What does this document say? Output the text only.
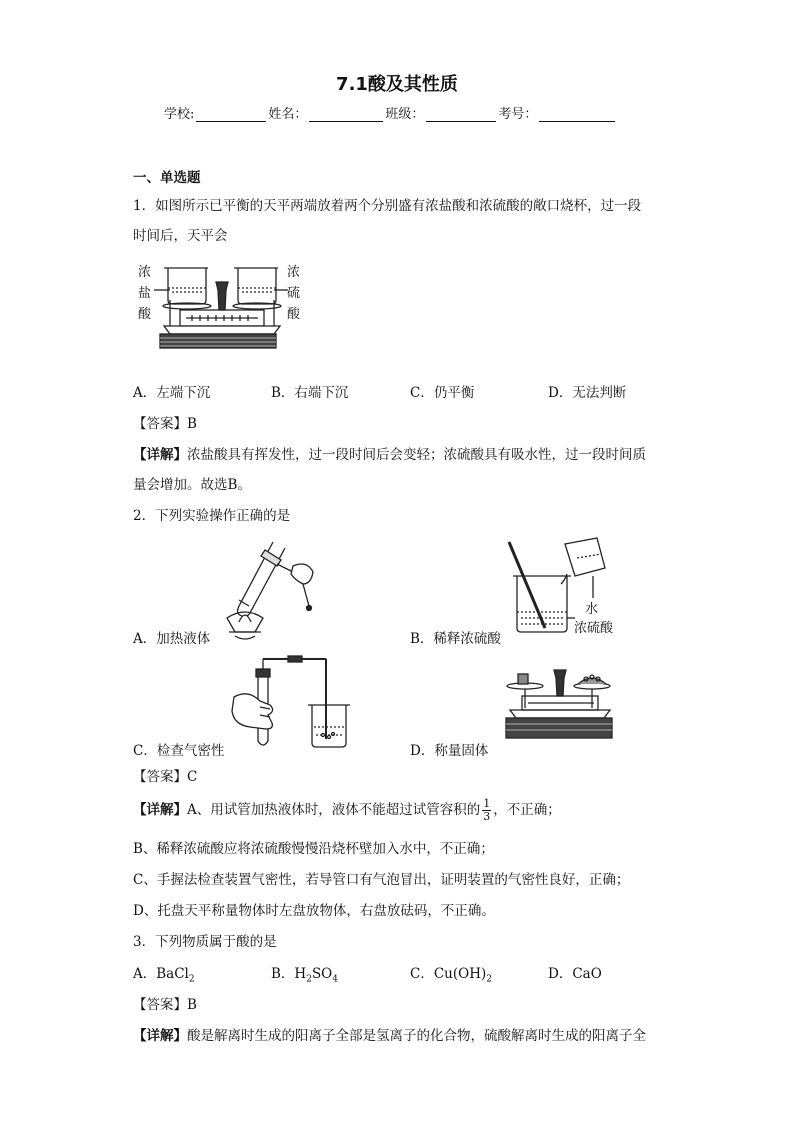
7.1酸及其性质
学校:	姓名：	班级：	考号：
一、单选题
1．如图所示已平衡的天平两端放着两个分别盛有浓盐酸和浓硫酸的敞口烧杯，过一段
时间后，天平会
浓
盐
酸
浓
硫
酸
A．左端下沉	B．右端下沉	C．仍平衡	D．无法判断
【答案】B
【详解】浓盐酸具有挥发性，过一段时间后会变轻；浓硫酸具有吸水性，过一段时间质
量会增加。故选B。
2．下列实验操作正确的是
A．加热液体
水
浓硫酸
B．稀释浓硫酸
C．检查气密性	D．称量固体
【答案】C
【详解】A、用试管加热液体时，液体不能超过试管容积的 $\frac{1}{3}$ ，不正确；
B、稀释浓硫酸应将浓硫酸慢慢沿烧杯壁加入水中，不正确；
C、手握法检查装置气密性，若导管口有气泡冒出，证明装置的气密性良好，正确；
D、托盘天平称量物体时左盘放物体，右盘放砝码，不正确。
3．下列物质属于酸的是
A．BaCl$_2$	B．$H_2SO_4$	C．$Cu(OH)_2$	D．CaO
【答案】B
【详解】酸是解离时生成的阳离子全部是氢离子的化合物，硫酸解离时生成的阳离子全
